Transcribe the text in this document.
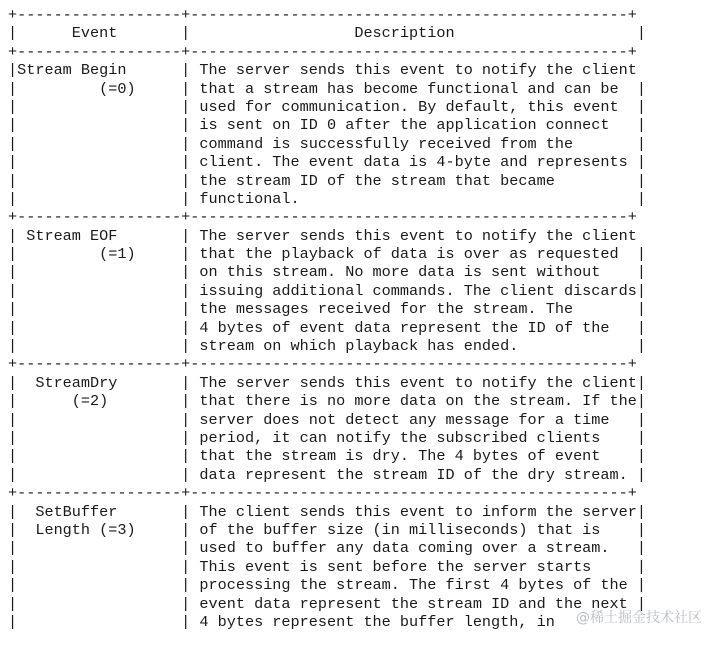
+------------------+------------------------------------------------+
|      Event       |                  Description                    |
+------------------+------------------------------------------------+
|Stream Begin      | The server sends this event to notify the client
|         (=0)     | that a stream has become functional and can be  |
|                  | used for communication. By default, this event  |
|                  | is sent on ID 0 after the application connect   |
|                  | command is successfully received from the       |
|                  | client. The event data is 4-byte and represents |
|                  | the stream ID of the stream that became         |
|                  | functional.                                     |
+------------------+------------------------------------------------+
| Stream EOF       | The server sends this event to notify the client
|         (=1)     | that the playback of data is over as requested  |
|                  | on this stream. No more data is sent without    |
|                  | issuing additional commands. The client discards|
|                  | the messages received for the stream. The       |
|                  | 4 bytes of event data represent the ID of the   |
|                  | stream on which playback has ended.             |
+------------------+------------------------------------------------+
|  StreamDry       | The server sends this event to notify the client|
|      (=2)        | that there is no more data on the stream. If the|
|                  | server does not detect any message for a time   |
|                  | period, it can notify the subscribed clients    |
|                  | that the stream is dry. The 4 bytes of event    |
|                  | data represent the stream ID of the dry stream. |
+------------------+------------------------------------------------+
|  SetBuffer       | The client sends this event to inform the server|
|  Length (=3)     | of the buffer size (in milliseconds) that is    |
|                  | used to buffer any data coming over a stream.   |
|                  | This event is sent before the server starts     |
|                  | processing the stream. The first 4 bytes of the |
|                  | event data represent the stream ID and the next |
|                  | 4 bytes represent the buffer length, in	@稀土掘金技术社区
